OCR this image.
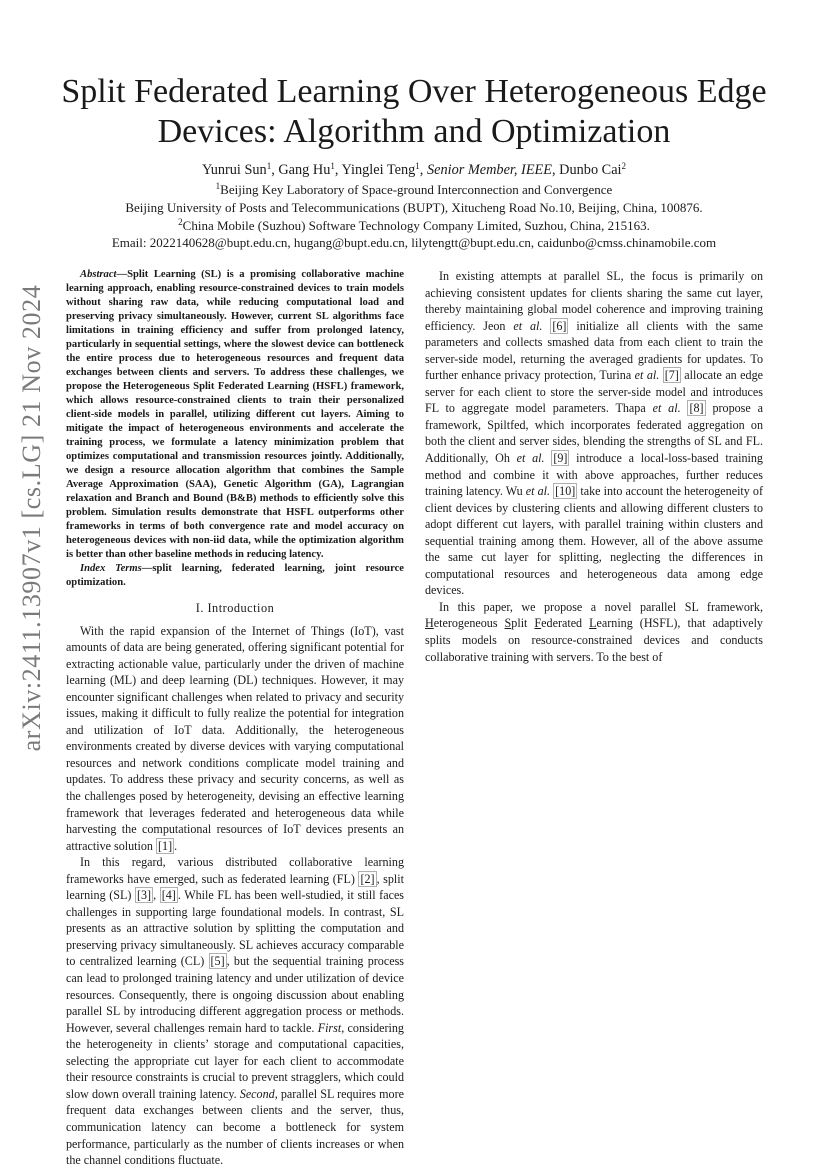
Split Federated Learning Over Heterogeneous Edge Devices: Algorithm and Optimization
Yunrui Sun$^1$, Gang Hu$^1$, Yinglei Teng$^1$, Senior Member, IEEE, Dunbo Cai$^2$
$^1$Beijing Key Laboratory of Space-ground Interconnection and Convergence
Beijing University of Posts and Telecommunications (BUPT), Xitucheng Road No.10, Beijing, China, 100876.
$^2$China Mobile (Suzhou) Software Technology Company Limited, Suzhou, China, 215163.
Email: 2022140628@bupt.edu.cn, hugang@bupt.edu.cn, lilytengtt@bupt.edu.cn, caidunbo@cmss.chinamobile.com
arXiv:2411.13907v1 [cs.LG] 21 Nov 2024

Abstract—Split Learning (SL) is a promising collaborative machine learning approach, enabling resource-constrained devices to train models without sharing raw data, while reducing computational load and preserving privacy simultaneously. However, current SL algorithms face limitations in training efficiency and suffer from prolonged latency, particularly in sequential settings, where the slowest device can bottleneck the entire process due to heterogeneous resources and frequent data exchanges between clients and servers. To address these challenges, we propose the Heterogeneous Split Federated Learning (HSFL) framework, which allows resource-constrained clients to train their personalized client-side models in parallel, utilizing different cut layers. Aiming to mitigate the impact of heterogeneous environments and accelerate the training process, we formulate a latency minimization problem that optimizes computational and transmission resources jointly. Additionally, we design a resource allocation algorithm that combines the Sample Average Approximation (SAA), Genetic Algorithm (GA), Lagrangian relaxation and Branch and Bound (B&B) methods to efficiently solve this problem. Simulation results demonstrate that HSFL outperforms other frameworks in terms of both convergence rate and model accuracy on heterogeneous devices with non-iid data, while the optimization algorithm is better than other baseline methods in reducing latency.

Index Terms—split learning, federated learning, joint resource optimization.

I. Introduction

With the rapid expansion of the Internet of Things (IoT), vast amounts of data are being generated, offering significant potential for extracting actionable value, particularly under the driven of machine learning (ML) and deep learning (DL) techniques. However, it may encounter significant challenges when related to privacy and security issues, making it difficult to fully realize the potential for integration and utilization of IoT data. Additionally, the heterogeneous environments created by diverse devices with varying computational resources and network conditions complicate model training and updates. To address these privacy and security concerns, as well as the challenges posed by heterogeneity, devising an effective learning framework that leverages federated and heterogeneous data while harvesting the computational resources of IoT devices presents an attractive solution [1] .

In this regard, various distributed collaborative learning frameworks have emerged, such as federated learning (FL) [2] , split learning (SL) [3] , [4] . While FL has been well-studied, it still faces challenges in supporting large foundational models. In contrast, SL presents as an attractive solution by splitting the computation and preserving privacy simultaneously. SL achieves accuracy comparable to centralized learning (CL) [5] , but the sequential training process can lead to prolonged training latency and under utilization of device resources. Consequently, there is ongoing discussion about enabling parallel SL by introducing different aggregation process or methods. However, several challenges remain hard to tackle. First, considering the heterogeneity in clients’ storage and computational capacities, selecting the appropriate cut layer for each client to accommodate their resource constraints is crucial to prevent stragglers, which could slow down overall training latency. Second, parallel SL requires more frequent data exchanges between clients and the server, thus, communication latency can become a bottleneck for system performance, particularly as the number of clients increases or when the channel conditions fluctuate.

In existing attempts at parallel SL, the focus is primarily on achieving consistent updates for clients sharing the same cut layer, thereby maintaining global model coherence and improving training efficiency. Jeon et al. [6] initialize all clients with the same parameters and collects smashed data from each client to train the server-side model, returning the averaged gradients for updates. To further enhance privacy protection, Turina et al. [7] allocate an edge server for each client to store the server-side model and introduces FL to aggregate model parameters. Thapa et al. [8] propose a framework, Spiltfed, which incorporates federated aggregation on both the client and server sides, blending the strengths of SL and FL. Additionally, Oh et al. [9] introduce a local-loss-based training method and combine it with above approaches, further reduces training latency. Wu et al. [10] take into account the heterogeneity of client devices by clustering clients and allowing different clusters to adopt different cut layers, with parallel training within clusters and sequential training among them. However, all of the above assume the same cut layer for splitting, neglecting the differences in computational resources and heterogeneous data among edge devices.

In this paper, we propose a novel parallel SL framework, Heterogeneous Split Federated Learning (HSFL), that adaptively splits models on resource-constrained devices and conducts collaborative training with servers. To the best of
